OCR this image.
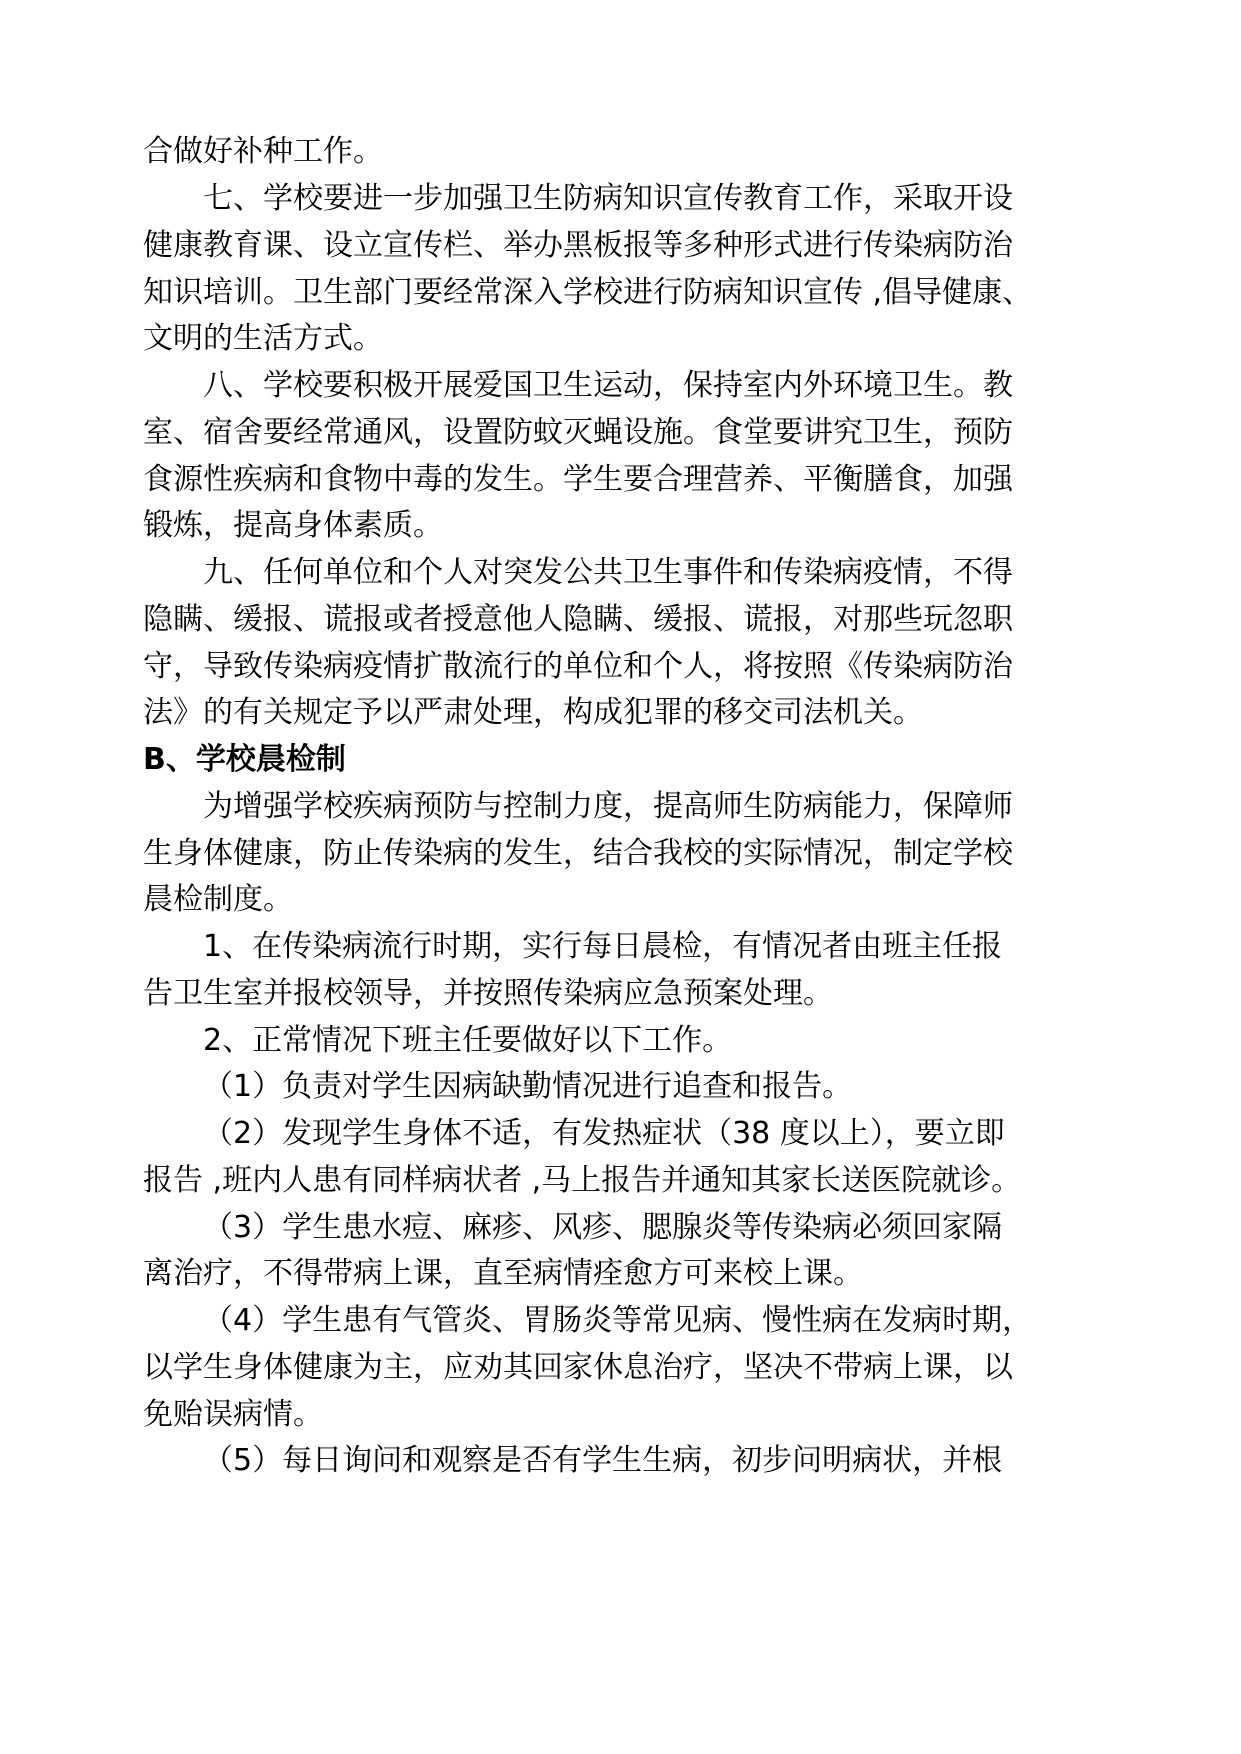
合做好补种工作。
七、学校要进一步加强卫生防病知识宣传教育工作，采取开设
健康教育课、设立宣传栏、举办黑板报等多种形式进行传染病防治
知识培训。卫生部门要经常深入学校进行防病知识宣传 ,倡导健康、
文明的生活方式。
八、学校要积极开展爱国卫生运动，保持室内外环境卫生。教
室、宿舍要经常通风，设置防蚊灭蝇设施。食堂要讲究卫生，预防
食源性疾病和食物中毒的发生。学生要合理营养、平衡膳食，加强
锻炼，提高身体素质。
九、任何单位和个人对突发公共卫生事件和传染病疫情，不得
隐瞒、缓报、谎报或者授意他人隐瞒、缓报、谎报，对那些玩忽职
守，导致传染病疫情扩散流行的单位和个人，将按照《传染病防治
法》的有关规定予以严肃处理，构成犯罪的移交司法机关。
B、学校晨检制
为增强学校疾病预防与控制力度，提高师生防病能力，保障师
生身体健康，防止传染病的发生，结合我校的实际情况，制定学校
晨检制度。
1、在传染病流行时期，实行每日晨检，有情况者由班主任报
告卫生室并报校领导，并按照传染病应急预案处理。
2、正常情况下班主任要做好以下工作。
（1）负责对学生因病缺勤情况进行追查和报告。
（2）发现学生身体不适，有发热症状（38 度以上），要立即
报告 ,班内人患有同样病状者 ,马上报告并通知其家长送医院就诊。
（3）学生患水痘、麻疹、风疹、腮腺炎等传染病必须回家隔
离治疗，不得带病上课，直至病情痊愈方可来校上课。
（4）学生患有气管炎、胃肠炎等常见病、慢性病在发病时期，
以学生身体健康为主，应劝其回家休息治疗，坚决不带病上课，以
免贻误病情。
（5）每日询问和观察是否有学生生病，初步问明病状，并根
